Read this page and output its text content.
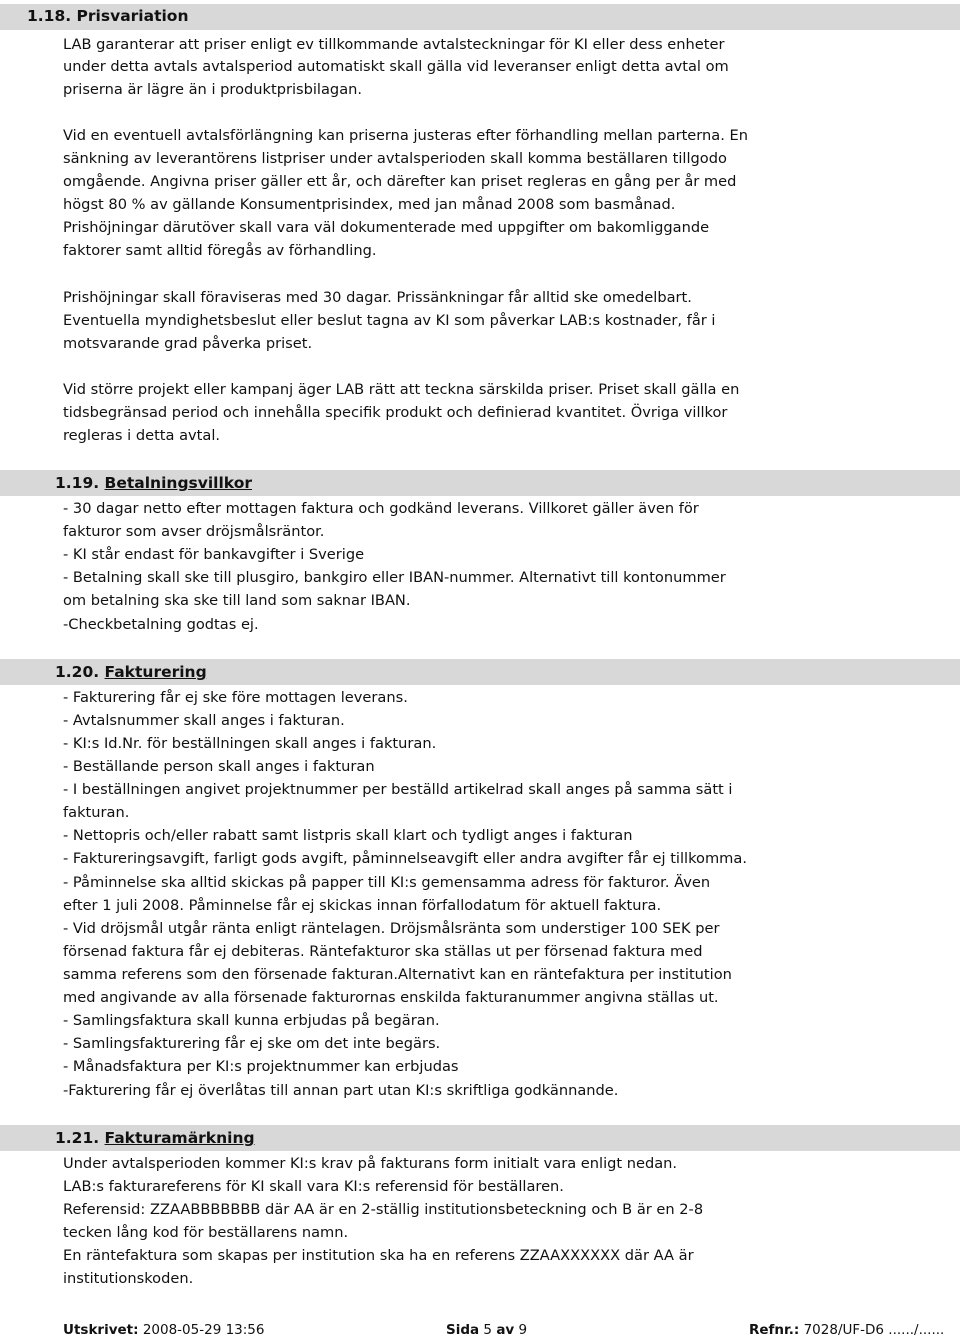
1.18. Prisvariation
LAB garanterar att priser enligt ev tillkommande avtalsteckningar för KI eller dess enheter
under detta avtals avtalsperiod automatiskt skall gälla vid leveranser enligt detta avtal om
priserna är lägre än i produktprisbilagan.
Vid en eventuell avtalsförlängning kan priserna justeras efter förhandling mellan parterna. En
sänkning av leverantörens listpriser under avtalsperioden skall komma beställaren tillgodo
omgående. Angivna priser gäller ett år, och därefter kan priset regleras en gång per år med
högst 80 % av gällande Konsumentprisindex, med jan månad 2008 som basmånad.
Prishöjningar därutöver skall vara väl dokumenterade med uppgifter om bakomliggande
faktorer samt alltid föregås av förhandling.
Prishöjningar skall föraviseras med 30 dagar. Prissänkningar får alltid ske omedelbart.
Eventuella myndighetsbeslut eller beslut tagna av KI som påverkar LAB:s kostnader, får i
motsvarande grad påverka priset.
Vid större projekt eller kampanj äger LAB rätt att teckna särskilda priser. Priset skall gälla en
tidsbegränsad period och innehålla specifik produkt och definierad kvantitet. Övriga villkor
regleras i detta avtal.
1.19. Betalningsvillkor
- 30 dagar netto efter mottagen faktura och godkänd leverans. Villkoret gäller även för
fakturor som avser dröjsmålsräntor.
- KI står endast för bankavgifter i Sverige
- Betalning skall ske till plusgiro, bankgiro eller IBAN-nummer. Alternativt till kontonummer
om betalning ska ske till land som saknar IBAN.
-Checkbetalning godtas ej.
1.20. Fakturering
- Fakturering får ej ske före mottagen leverans.
- Avtalsnummer skall anges i fakturan.
- KI:s Id.Nr. för beställningen skall anges i fakturan.
- Beställande person skall anges i fakturan
- I beställningen angivet projektnummer per beställd artikelrad skall anges på samma sätt i
fakturan.
- Nettopris och/eller rabatt samt listpris skall klart och tydligt anges i fakturan
- Faktureringsavgift, farligt gods avgift, påminnelseavgift eller andra avgifter får ej tillkomma.
- Påminnelse ska alltid skickas på papper till KI:s gemensamma adress för fakturor. Även
efter 1 juli 2008. Påminnelse får ej skickas innan förfallodatum för aktuell faktura.
- Vid dröjsmål utgår ränta enligt räntelagen. Dröjsmålsränta som understiger 100 SEK per
försenad faktura får ej debiteras. Räntefakturor ska ställas ut per försenad faktura med
samma referens som den försenade fakturan.Alternativt kan en räntefaktura per institution
med angivande av alla försenade fakturornas enskilda fakturanummer angivna ställas ut.
- Samlingsfaktura skall kunna erbjudas på begäran.
- Samlingsfakturering får ej ske om det inte begärs.
- Månadsfaktura per KI:s projektnummer kan erbjudas
-Fakturering får ej överlåtas till annan part utan KI:s skriftliga godkännande.
1.21. Fakturamärkning
Under avtalsperioden kommer KI:s krav på fakturans form initialt vara enligt nedan.
LAB:s fakturareferens för KI skall vara KI:s referensid för beställaren.
Referensid: ZZAABBBBBBB där AA är en 2-ställig institutionsbeteckning och B är en 2-8
tecken lång kod för beställarens namn.
En räntefaktura som skapas per institution ska ha en referens ZZAAXXXXXX där AA är
institutionskoden.
Utskrivet: 2008-05-29 13:56	Sida 5 av 9	Refnr.: 7028/UF-D6 ....../......
